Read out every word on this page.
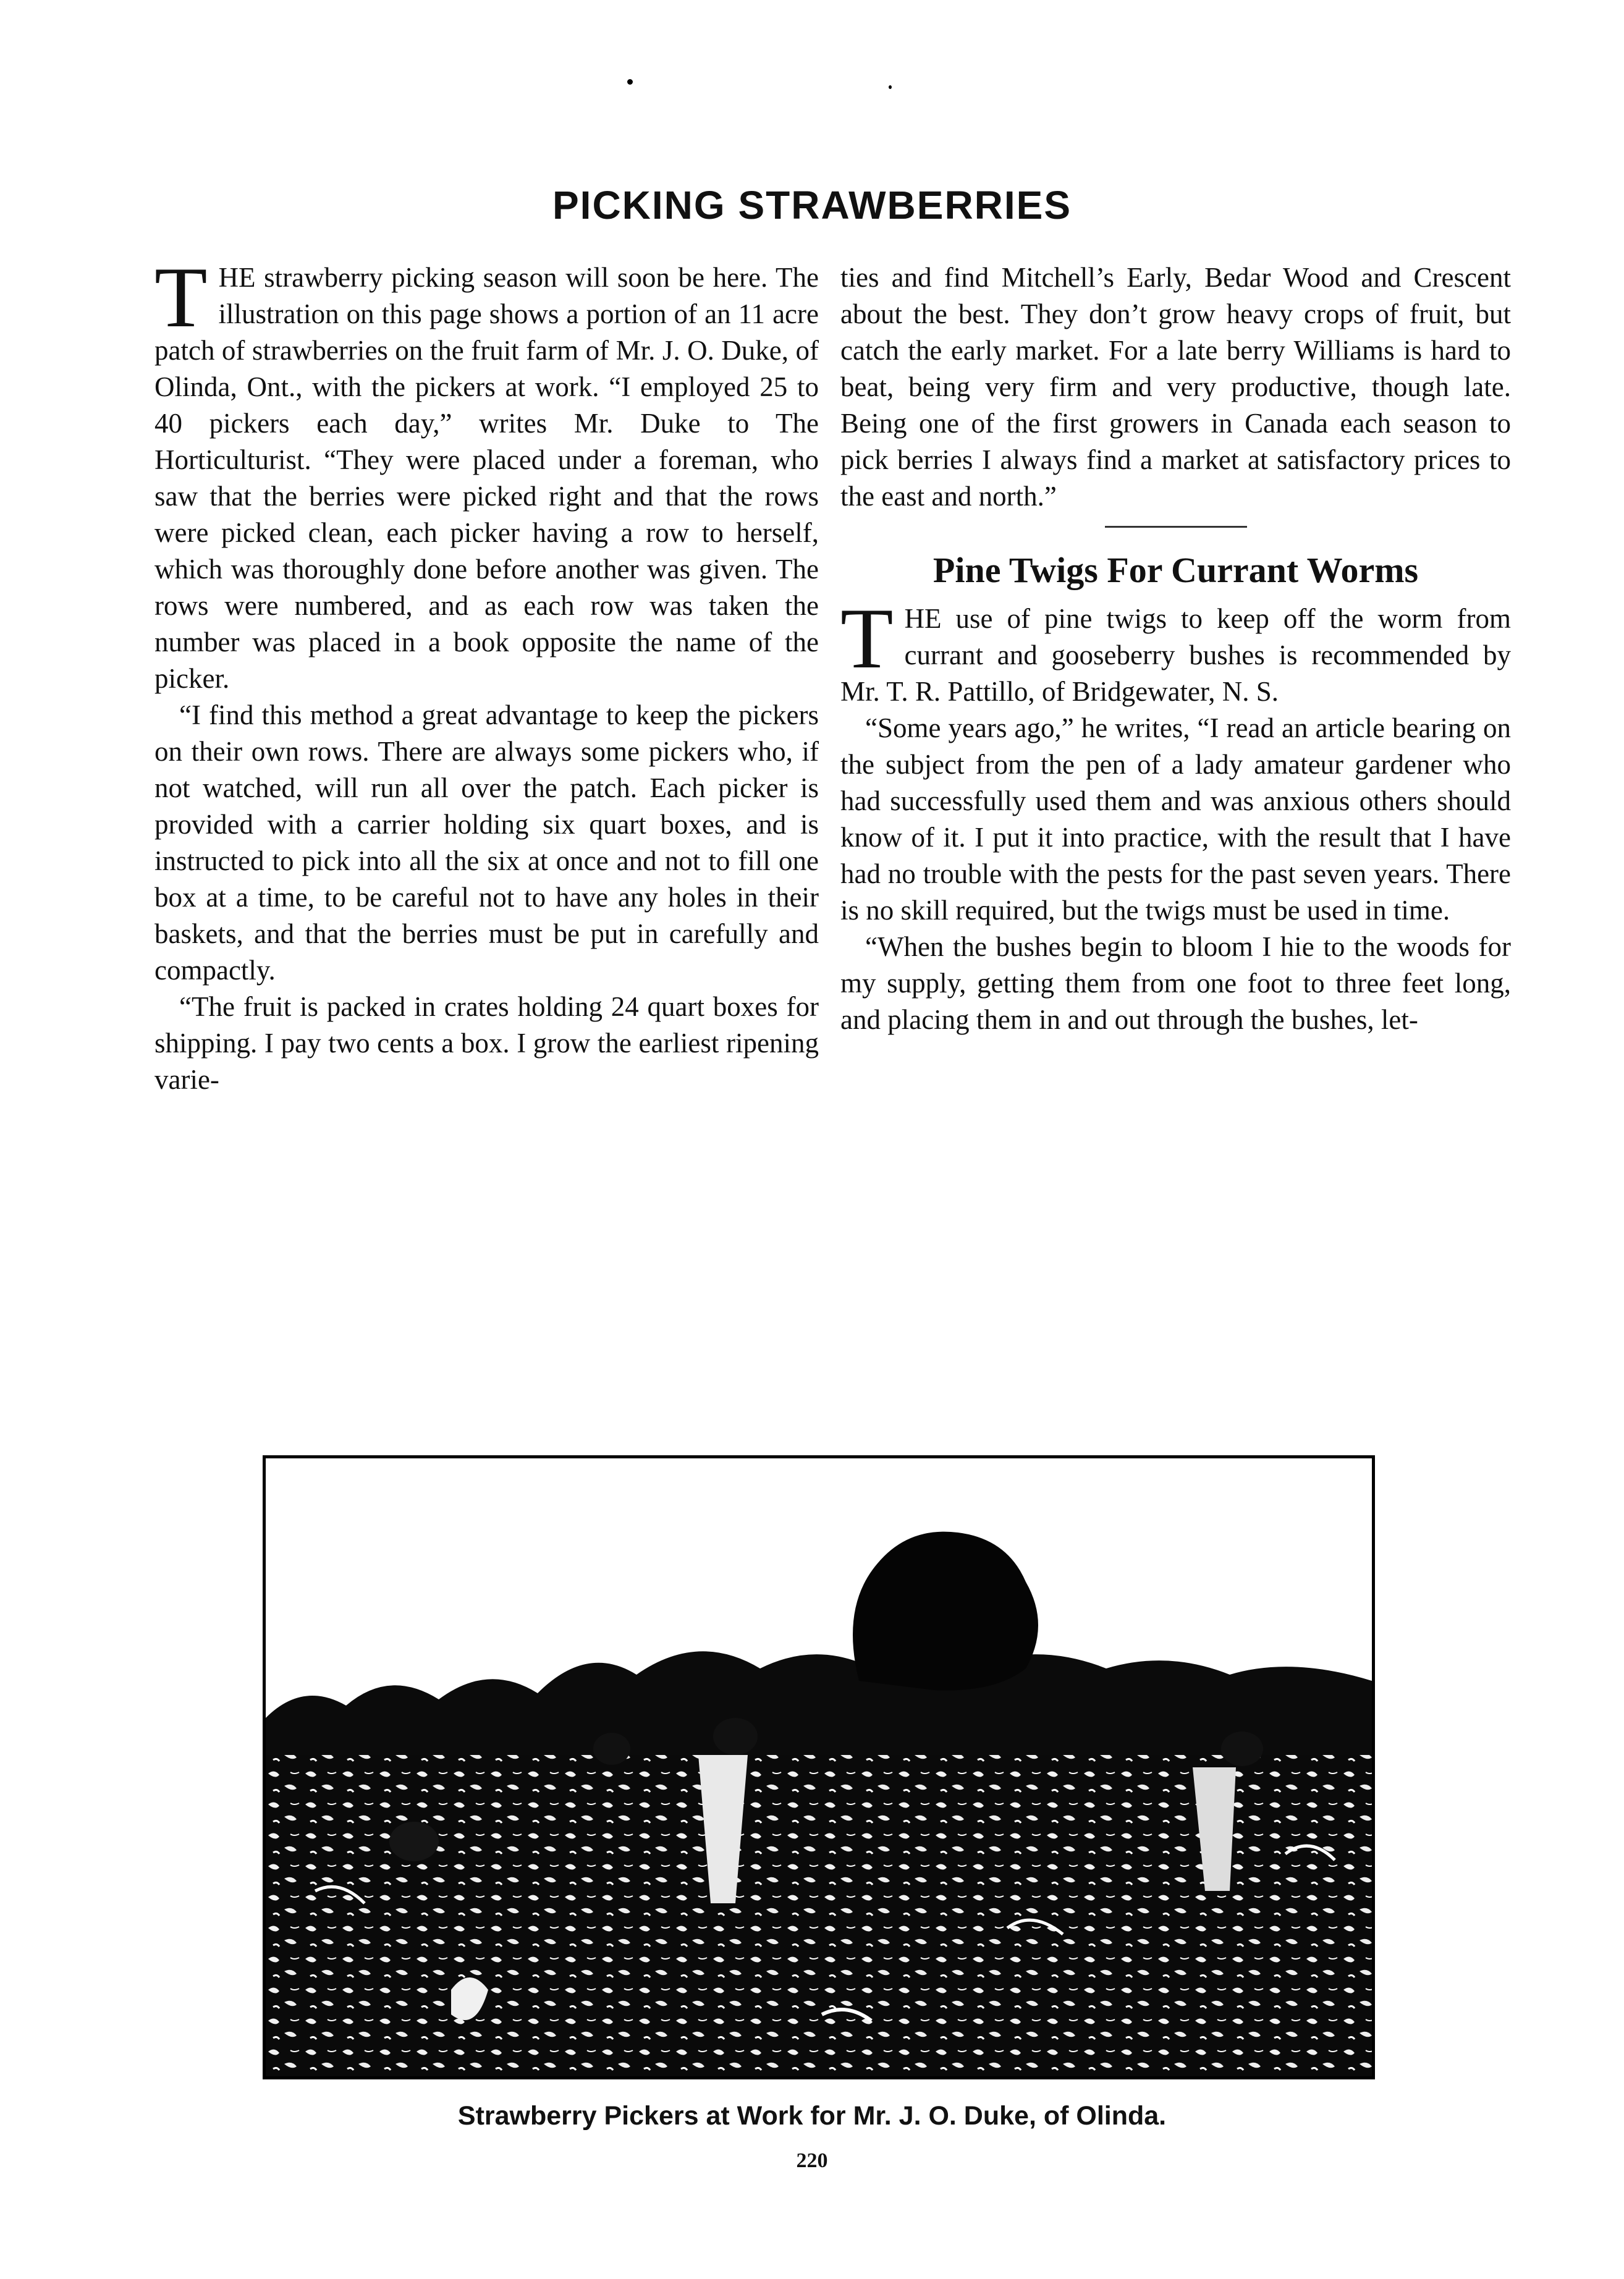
PICKING STRAWBERRIES

THE strawberry picking season will soon be here. The illustration on this page shows a portion of an 11 acre patch of strawberries on the fruit farm of Mr. J. O. Duke, of Olinda, Ont., with the pickers at work. “I employed 25 to 40 pickers each day,” writes Mr. Duke to The Horticulturist. “They were placed under a foreman, who saw that the berries were picked right and that the rows were picked clean, each picker having a row to herself, which was thoroughly done before another was given. The rows were numbered, and as each row was taken the number was placed in a book opposite the name of the picker.

“I find this method a great advantage to keep the pickers on their own rows. There are always some pickers who, if not watched, will run all over the patch. Each picker is provided with a carrier holding six quart boxes, and is instructed to pick into all the six at once and not to fill one box at a time, to be careful not to have any holes in their baskets, and that the berries must be put in carefully and compactly.

“The fruit is packed in crates holding 24 quart boxes for shipping. I pay two cents a box. I grow the earliest ripening varie-

ties and find Mitchell’s Early, Bedar Wood and Crescent about the best. They don’t grow heavy crops of fruit, but catch the early market. For a late berry Williams is hard to beat, being very firm and very productive, though late. Being one of the first growers in Canada each season to pick berries I always find a market at satisfactory prices to the east and north.”

Pine Twigs For Currant Worms

THE use of pine twigs to keep off the worm from currant and gooseberry bushes is recommended by Mr. T. R. Pattillo, of Bridgewater, N. S.

“Some years ago,” he writes, “I read an article bearing on the subject from the pen of a lady amateur gardener who had successfully used them and was anxious others should know of it. I put it into practice, with the result that I have had no trouble with the pests for the past seven years. There is no skill required, but the twigs must be used in time.

“When the bushes begin to bloom I hie to the woods for my supply, getting them from one foot to three feet long, and placing them in and out through the bushes, let-

Strawberry Pickers at Work for Mr. J. O. Duke, of Olinda.

220
